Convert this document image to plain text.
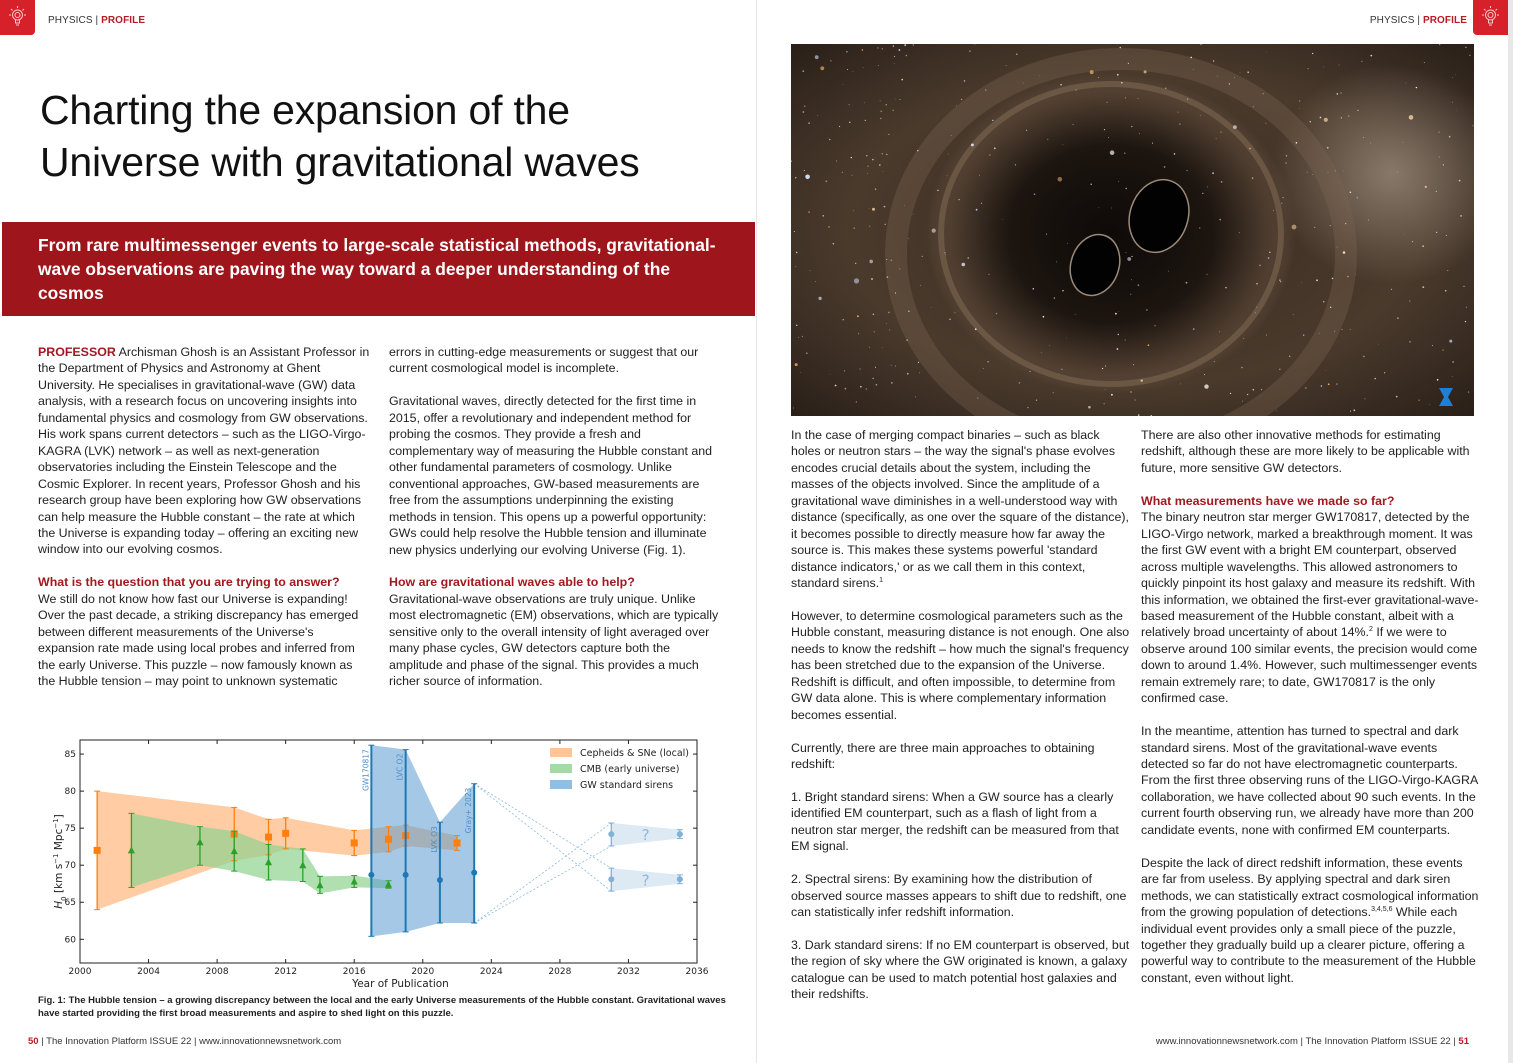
PHYSICS | PROFILE
Charting the expansion of the
Universe with gravitational waves

From rare multimessenger events to large-scale statistical methods, gravitational-wave observations are paving the way toward a deeper understanding of the cosmos

PROFESSOR Archisman Ghosh is an Assistant Professor in the Department of Physics and Astronomy at Ghent University. He specialises in gravitational-wave (GW) data analysis, with a research focus on uncovering insights into fundamental physics and cosmology from GW observations. His work spans current detectors – such as the LIGO-Virgo-KAGRA (LVK) network – as well as next-generation observatories including the Einstein Telescope and the Cosmic Explorer. In recent years, Professor Ghosh and his research group have been exploring how GW observations can help measure the Hubble constant – the rate at which the Universe is expanding today – offering an exciting new window into our evolving cosmos.

What is the question that you are trying to answer?

We still do not know how fast our Universe is expanding! Over the past decade, a striking discrepancy has emerged between different measurements of the Universe's expansion rate made using local probes and inferred from the early Universe. This puzzle – now famously known as the Hubble tension – may point to unknown systematic

errors in cutting-edge measurements or suggest that our current cosmological model is incomplete.

Gravitational waves, directly detected for the first time in 2015, offer a revolutionary and independent method for probing the cosmos. They provide a fresh and complementary way of measuring the Hubble constant and other fundamental parameters of cosmology. Unlike conventional approaches, GW-based measurements are free from the assumptions underpinning the existing methods in tension. This opens up a powerful opportunity: GWs could help resolve the Hubble tension and illuminate new physics underlying our evolving Universe (Fig. 1).

How are gravitational waves able to help?

Gravitational-wave observations are truly unique. Unlike most electromagnetic (EM) observations, which are typically sensitive only to the overall intensity of light averaged over many phase cycles, GW detectors capture both the amplitude and phase of the signal. This provides a much richer source of information.

GW170817	LVC O2
LVK O3
Gray+ 2023
?
?
2000	2004	2008	2012	2016	2020	2024	2028	2032	2036
60
65
70
75
80
85
Year of Publication
$H_0$ [km $s^{-1}$ Mpc$^{-1}$]
Cepheids & SNe (local)
CMB (early universe)
GW standard sirens
Fig. 1: The Hubble tension – a growing discrepancy between the local and the early Universe measurements of the Hubble constant. Gravitational waves have started providing the first broad measurements and aspire to shed light on this puzzle.
50 | The Innovation Platform ISSUE 22 | www.innovationnewsnetwork.com
PHYSICS | PROFILE

In the case of merging compact binaries – such as black holes or neutron stars – the way the signal's phase evolves encodes crucial details about the system, including the masses of the objects involved. Since the amplitude of a gravitational wave diminishes in a well-understood way with distance (specifically, as one over the square of the distance), it becomes possible to directly measure how far away the source is. This makes these systems powerful 'standard distance indicators,' or as we call them in this context, standard sirens.$^1$

However, to determine cosmological parameters such as the Hubble constant, measuring distance is not enough. One also needs to know the redshift – how much the signal's frequency has been stretched due to the expansion of the Universe. Redshift is difficult, and often impossible, to determine from GW data alone. This is where complementary information becomes essential.

Currently, there are three main approaches to obtaining redshift:

1. Bright standard sirens: When a GW source has a clearly identified EM counterpart, such as a flash of light from a neutron star merger, the redshift can be measured from that EM signal.

2. Spectral sirens: By examining how the distribution of observed source masses appears to shift due to redshift, one can statistically infer redshift information.

3. Dark standard sirens: If no EM counterpart is observed, but the region of sky where the GW originated is known, a galaxy catalogue can be used to match potential host galaxies and their redshifts.

There are also other innovative methods for estimating redshift, although these are more likely to be applicable with future, more sensitive GW detectors.

What measurements have we made so far?

The binary neutron star merger GW170817, detected by the LIGO-Virgo network, marked a breakthrough moment. It was the first GW event with a bright EM counterpart, observed across multiple wavelengths. This allowed astronomers to quickly pinpoint its host galaxy and measure its redshift. With this information, we obtained the first-ever gravitational-wave-based measurement of the Hubble constant, albeit with a relatively broad uncertainty of about 14%.$^2$ If we were to observe around 100 similar events, the precision would come down to around 1.4%. However, such multimessenger events remain extremely rare; to date, GW170817 is the only confirmed case.

In the meantime, attention has turned to spectral and dark standard sirens. Most of the gravitational-wave events detected so far do not have electromagnetic counterparts. From the first three observing runs of the LIGO-Virgo-KAGRA collaboration, we have collected about 90 such events. In the current fourth observing run, we already have more than 200 candidate events, none with confirmed EM counterparts.

Despite the lack of direct redshift information, these events are far from useless. By applying spectral and dark siren methods, we can statistically extract cosmological information from the growing population of detections.$^{3,4,5,6}$ While each individual event provides only a small piece of the puzzle, together they gradually build up a clearer picture, offering a powerful way to contribute to the measurement of the Hubble constant, even without light.

www.innovationnewsnetwork.com | The Innovation Platform ISSUE 22 | 51
